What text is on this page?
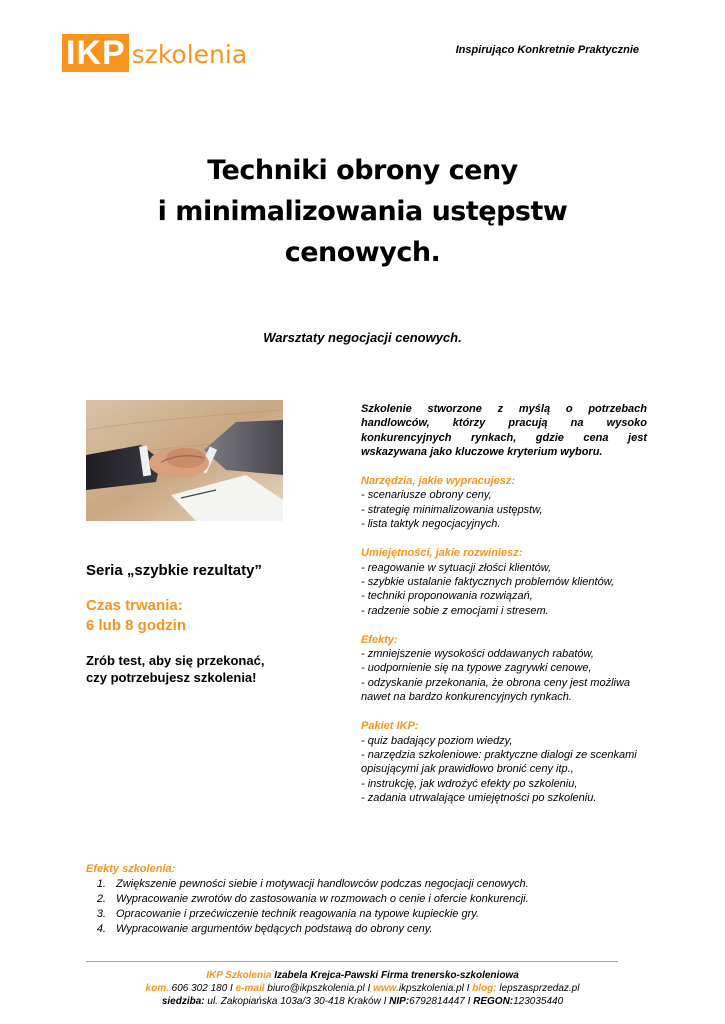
IKP szkolenia	Inspirująco Konkretnie Praktycznie
Techniki obrony ceny
i minimalizowania ustępstw
cenowych.
Warsztaty negocjacji cenowych.
Seria „szybkie rezultaty”
Czas trwania:
6 lub 8 godzin
Zrób test, aby się przekonać,
czy potrzebujesz szkolenia!
Szkolenie stworzone z myślą o potrzebach handlowców, którzy pracują na wysoko konkurencyjnych rynkach, gdzie cena jest wskazywana jako kluczowe kryterium wyboru.
Narzędzia, jakie wypracujesz:
- scenariusze obrony ceny,
- strategię minimalizowania ustępstw,
- lista taktyk negocjacyjnych.
Umiejętności, jakie rozwiniesz:
- reagowanie w sytuacji złości klientów,
- szybkie ustalanie faktycznych problemów klientów,
- techniki proponowania rozwiązań,
- radzenie sobie z emocjami i stresem.
Efekty:
- zmniejszenie wysokości oddawanych rabatów,
- uodpornienie się na typowe zagrywki cenowe,
- odzyskanie przekonania, że obrona ceny jest możliwa nawet na bardzo konkurencyjnych rynkach.
Pakiet IKP:
- quiz badający poziom wiedzy,
- narzędzia szkoleniowe: praktyczne dialogi ze scenkami opisującymi jak prawidłowo bronić ceny itp.,
- instrukcję, jak wdrożyć efekty po szkoleniu,
- zadania utrwalające umiejętności po szkoleniu.
Efekty szkolenia:
1. Zwiększenie pewności siebie i motywacji handlowców podczas negocjacji cenowych.
2. Wypracowanie zwrotów do zastosowania w rozmowach o cenie i ofercie konkurencji.
3. Opracowanie i przećwiczenie technik reagowania na typowe kupieckie gry.
4. Wypracowanie argumentów będących podstawą do obrony ceny.
IKP Szkolenia Izabela Krejca-Pawski Firma trenersko-szkoleniowa
kom. 606 302 180 I e-mail biuro@ikpszkolenia.pl I www.ikpszkolenia.pl I blog: lepszasprzedaz.pl
siedziba: ul. Zakopiańska 103a/3 30-418 Kraków I NIP:6792814447 I REGON:123035440
